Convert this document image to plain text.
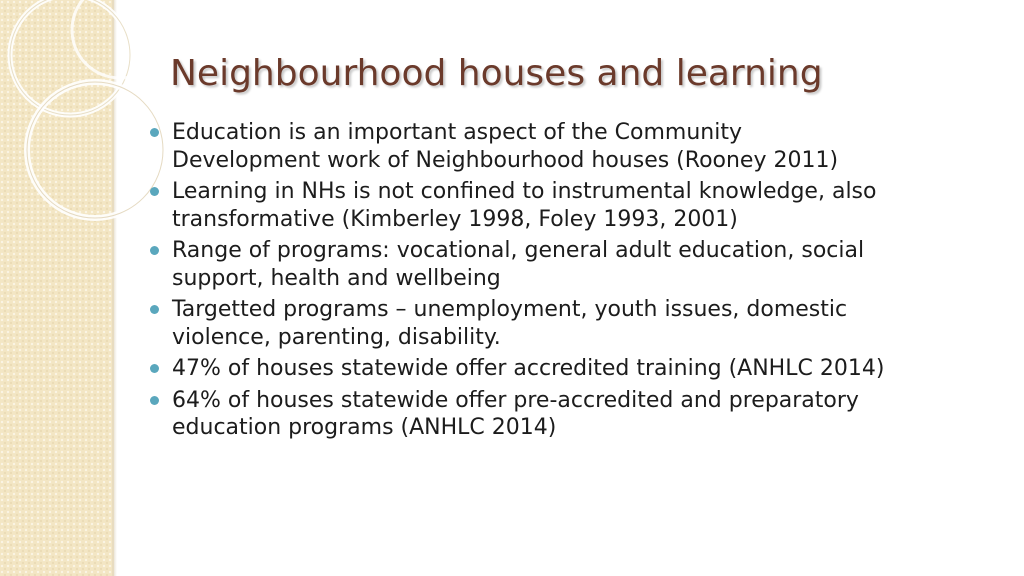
Neighbourhood houses and learning
Education is an important aspect of the Community Development work of Neighbourhood houses (Rooney 2011)
Learning in NHs is not confined to instrumental knowledge, also transformative (Kimberley 1998, Foley 1993, 2001)
Range of programs: vocational, general adult education, social support, health and wellbeing
Targetted programs – unemployment, youth issues, domestic violence, parenting, disability.
47% of houses statewide offer accredited training (ANHLC 2014)
64% of houses statewide offer pre-accredited and preparatory education programs (ANHLC 2014)
